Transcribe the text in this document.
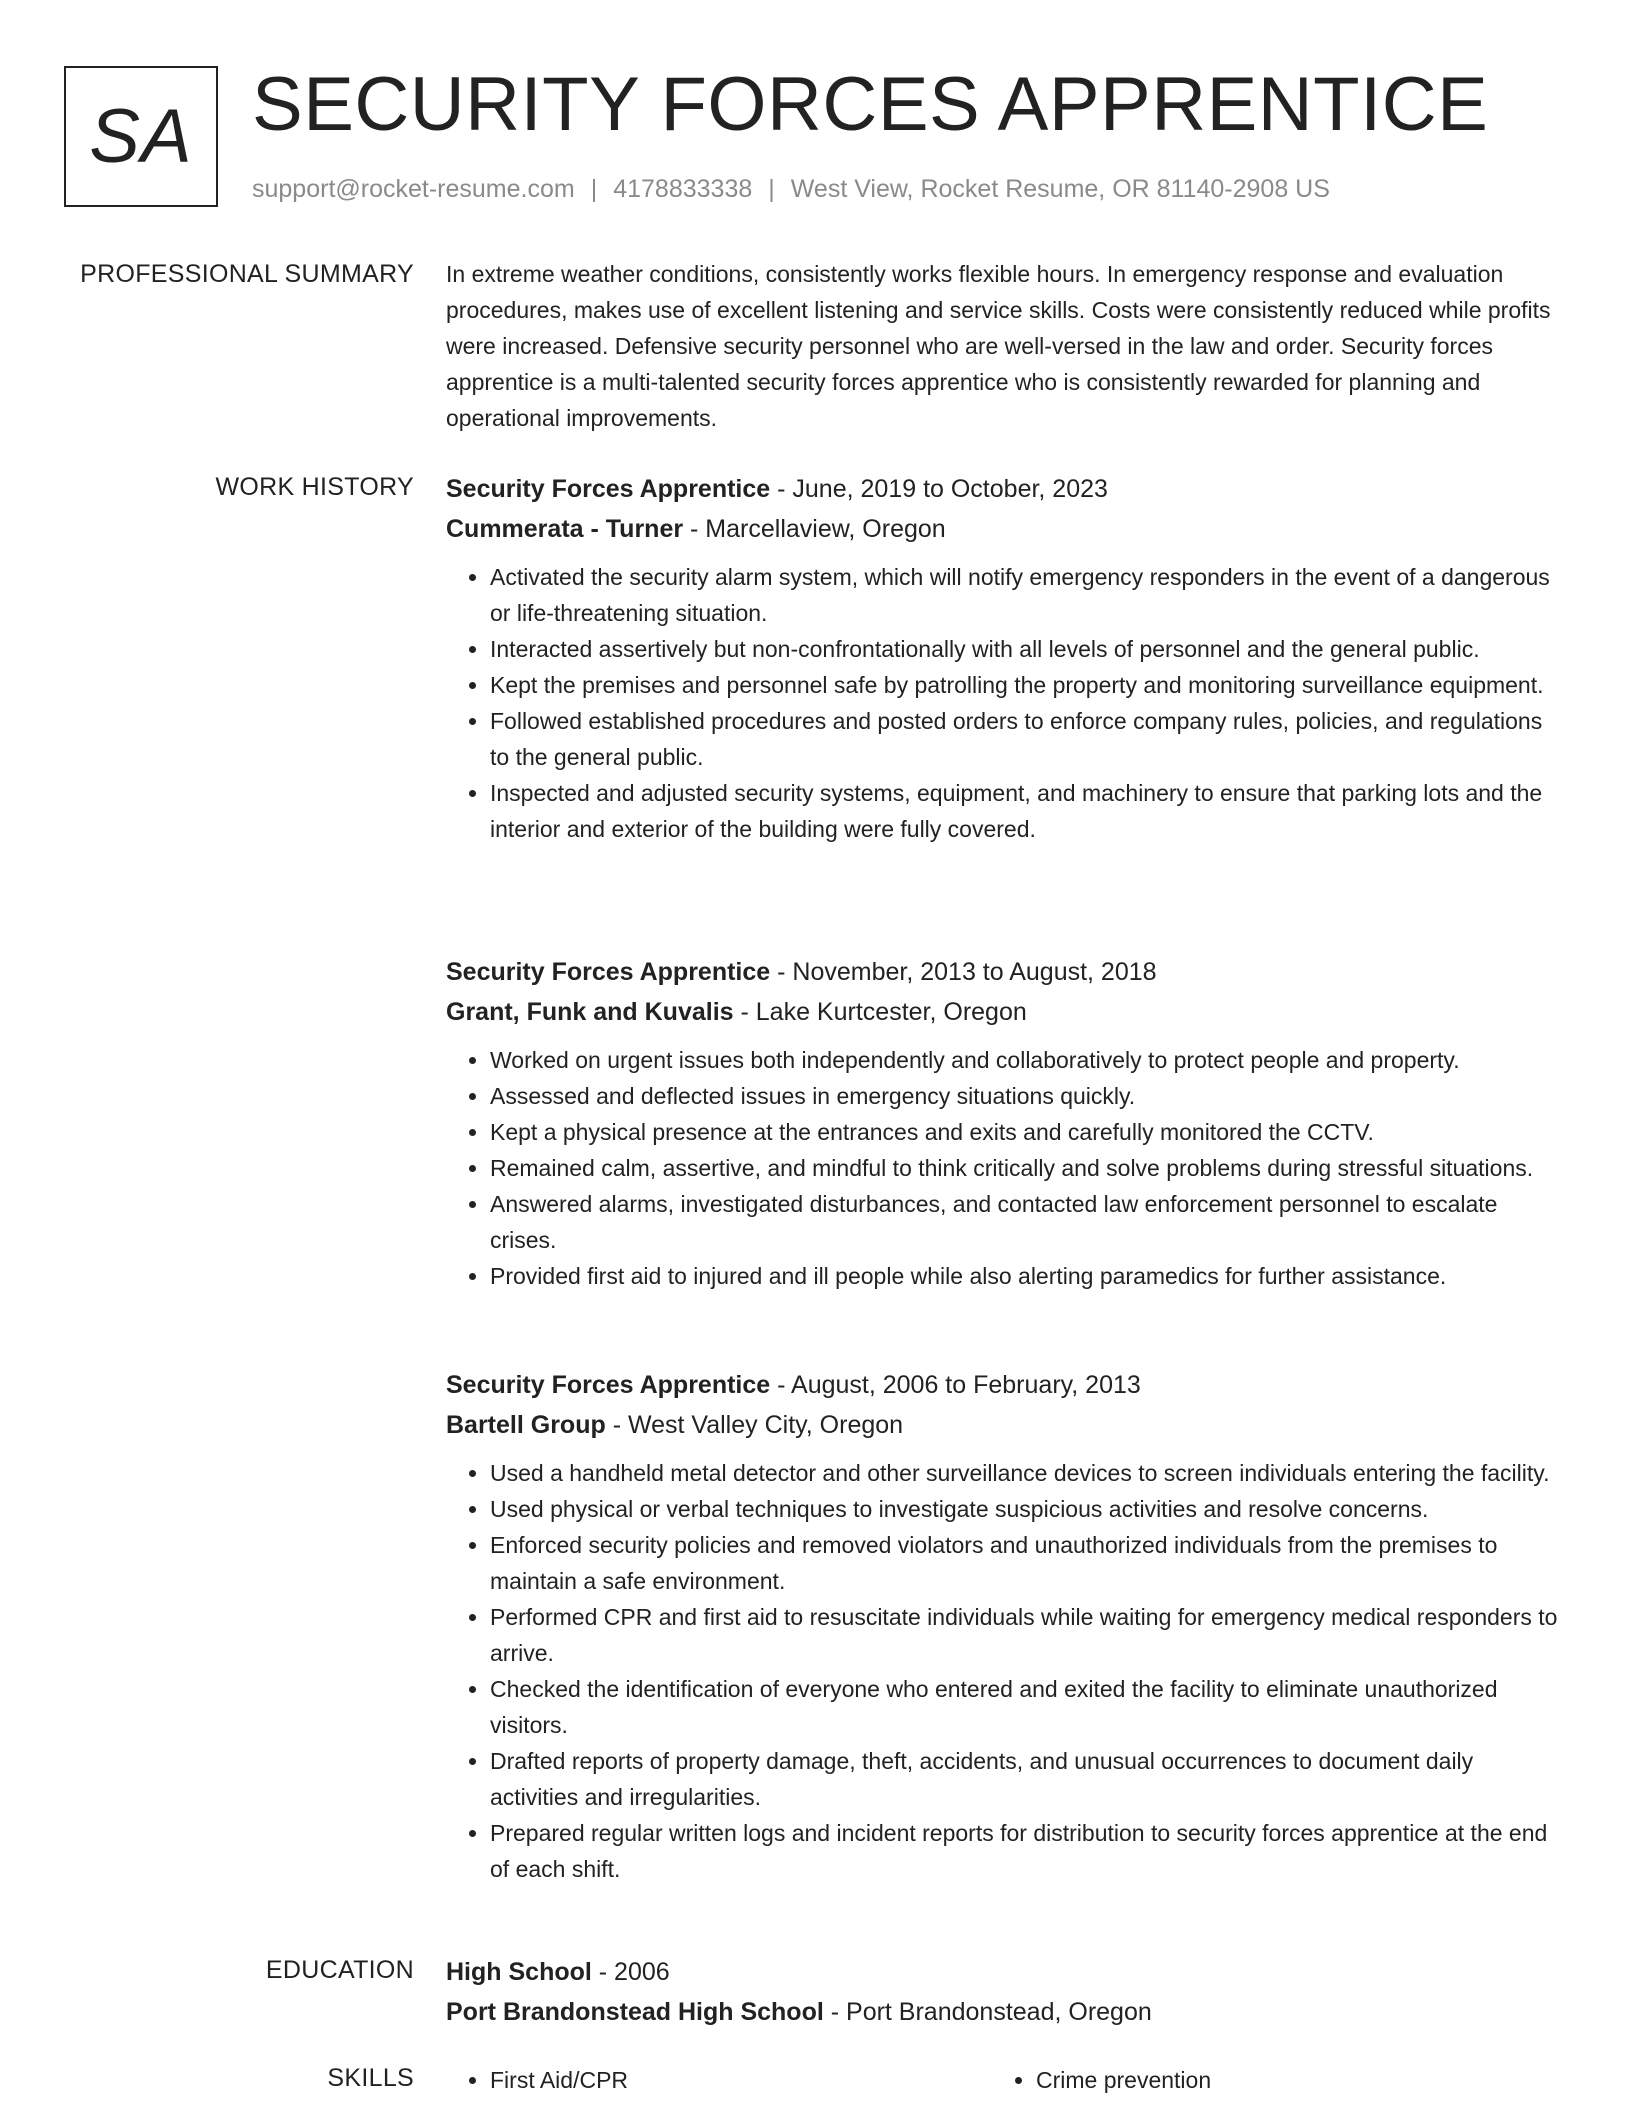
SA SECURITY FORCES APPRENTICE
support@rocket-resume.com | 4178833338 | West View, Rocket Resume, OR 81140-2908 US
PROFESSIONAL SUMMARY In extreme weather conditions, consistently works flexible hours. In emergency response and evaluation procedures, makes use of excellent listening and service skills. Costs were consistently reduced while profits were increased. Defensive security personnel who are well-versed in the law and order. Security forces apprentice is a multi-talented security forces apprentice who is consistently rewarded for planning and operational improvements.

WORK HISTORY Security Forces Apprentice - June, 2019 to October, 2023
Cummerata - Turner - Marcellaview, Oregon
• Activated the security alarm system, which will notify emergency responders in the event of a dangerous or life-threatening situation.
• Interacted assertively but non-confrontationally with all levels of personnel and the general public.
• Kept the premises and personnel safe by patrolling the property and monitoring surveillance equipment.
• Followed established procedures and posted orders to enforce company rules, policies, and regulations to the general public.
• Inspected and adjusted security systems, equipment, and machinery to ensure that parking lots and the interior and exterior of the building were fully covered.
Security Forces Apprentice - November, 2013 to August, 2018
Grant, Funk and Kuvalis - Lake Kurtcester, Oregon
• Worked on urgent issues both independently and collaboratively to protect people and property.
• Assessed and deflected issues in emergency situations quickly.
• Kept a physical presence at the entrances and exits and carefully monitored the CCTV.
• Remained calm, assertive, and mindful to think critically and solve problems during stressful situations.
• Answered alarms, investigated disturbances, and contacted law enforcement personnel to escalate crises.
• Provided first aid to injured and ill people while also alerting paramedics for further assistance.
Security Forces Apprentice - August, 2006 to February, 2013
Bartell Group - West Valley City, Oregon
• Used a handheld metal detector and other surveillance devices to screen individuals entering the facility.
• Used physical or verbal techniques to investigate suspicious activities and resolve concerns.
• Enforced security policies and removed violators and unauthorized individuals from the premises to maintain a safe environment.
• Performed CPR and first aid to resuscitate individuals while waiting for emergency medical responders to arrive.
• Checked the identification of everyone who entered and exited the facility to eliminate unauthorized visitors.
• Drafted reports of property damage, theft, accidents, and unusual occurrences to document daily activities and irregularities.
• Prepared regular written logs and incident reports for distribution to security forces apprentice at the end of each shift.
EDUCATION High School - 2006
Port Brandonstead High School - Port Brandonstead, Oregon
SKILLS	• First Aid/CPR	• Crime prevention
